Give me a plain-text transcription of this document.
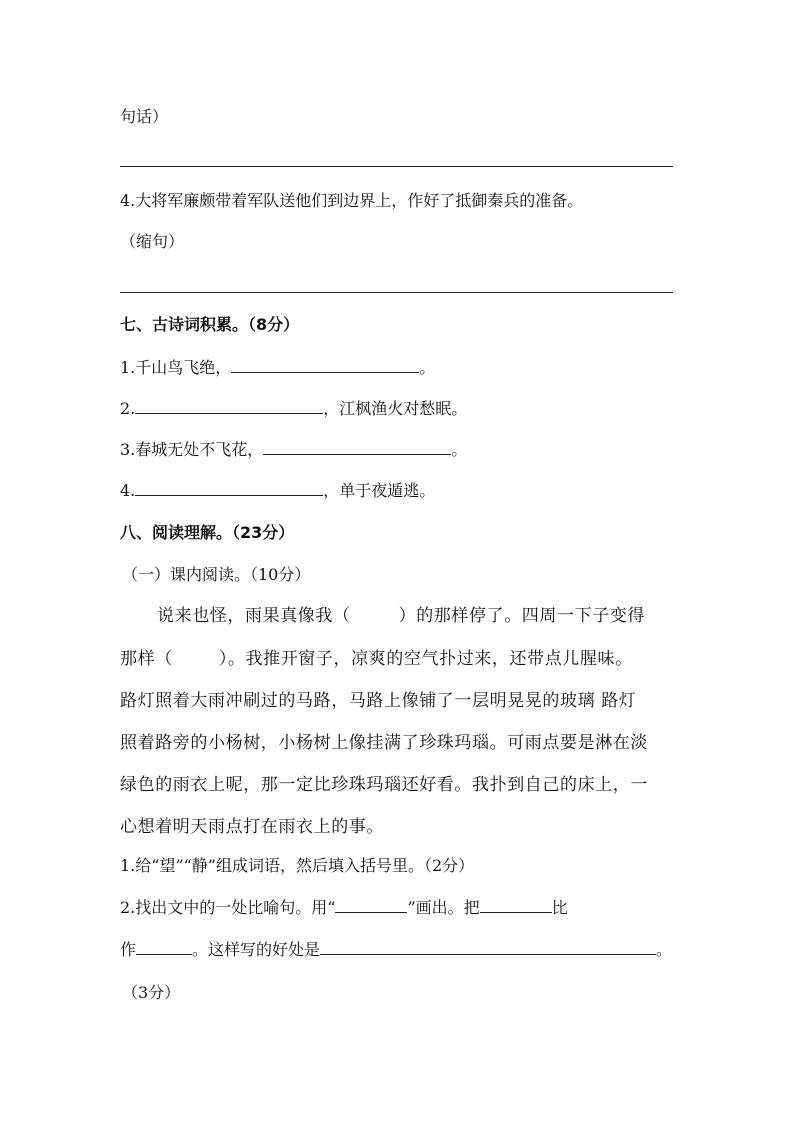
句话）
4.大将军廉颇带着军队送他们到边界上，作好了抵御秦兵的准备。
（缩句）
七、古诗词积累。（8分）
1.千山鸟飞绝，	。
2.	，江枫渔火对愁眠。
3.春城无处不飞花，	。
4.	，单于夜遁逃。
八、阅读理解。（23分）
（一）课内阅读。（10分）
说来也怪，雨果真像我（	）的那样停了。四周一下子变得
那样（	）。我推开窗子，凉爽的空气扑过来，还带点儿腥味。
路灯照着大雨冲刷过的马路，马路上像铺了一层明晃晃的玻璃 路灯
照着路旁的小杨树，小杨树上像挂满了珍珠玛瑙。可雨点要是淋在淡
绿色的雨衣上呢，那一定比珍珠玛瑙还好看。我扑到自己的床上，一
心想着明天雨点打在雨衣上的事。
1.给“望”“静”组成词语，然后填入括号里。（2分）
2.找出文中的一处比喻句。用“	”画出。把	比
作	。这样写的好处是	。
（3分）
